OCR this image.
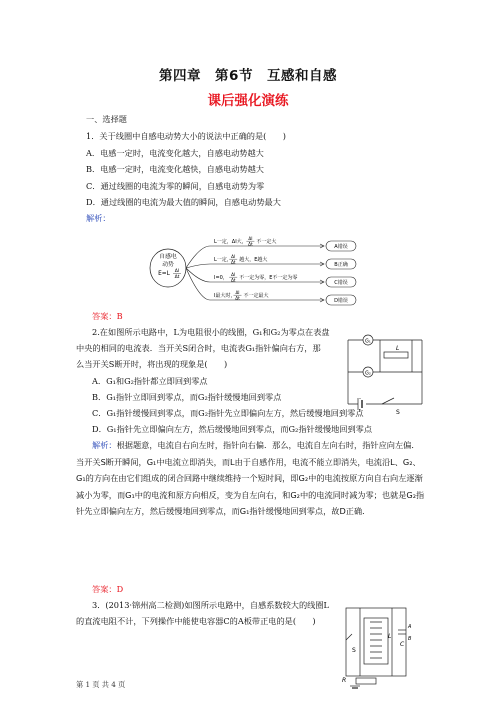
第四章　第6节　互感和自感
课后强化演练
一、选择题
1．关于线圈中自感电动势大小的说法中正确的是(　　)
A．电感一定时，电流变化越大，自感电动势越大
B．电感一定时，电流变化越快，自感电动势越大
C．通过线圈的电流为零的瞬间，自感电动势为零
D．通过线圈的电流为最大值的瞬间，自感电动势最大
解析：
自感电
动势
E=L ΔI
Δt
L一定，ΔI大，
ΔI
Δt 不一定大
A错误
L一定，
ΔI
Δt 越大，E越大
B正确
I=0，
ΔI
Δt 不一定为零，E不一定为零
C错误
I最大时，
ΔI
Δt 不一定最大
D错误
答案：B
2.在如图所示电路中，L为电阻很小的线圈，G₁和G₂为零点在表盘
中央的相同的电流表．当开关S闭合时，电流表G₁指针偏向右方，那
么当开关S断开时，将出现的现象是(　　)
G₁
G₂
L
S
A．G₁和G₂指针都立即回到零点
B．G₁指针立即回到零点，而G₂指针缓慢地回到零点
C．G₁指针缓慢回到零点，而G₂指针先立即偏向左方，然后缓慢地回到零点
D．G₁指针先立即偏向左方，然后缓慢地回到零点，而G₂指针缓慢地回到零点
解析：根据题意，电流自右向左时，指针向右偏．那么，电流自左向右时，指针应向左偏．当开关S断开瞬间，G₁中电流立即消失，而L由于自感作用，电流不能立即消失，电流沿L、G₂、G₁的方向在由它们组成的闭合回路中继续维持一个短时间，即G₂中的电流按原方向自右向左逐渐减小为零，而G₁中的电流和原方向相反，变为自左向右，和G₂中的电流同时减为零；也就是G₂指针先立即偏向左方，然后缓慢地回到零点，而G₁指针缓慢地回到零点，故D正确．
答案：D
3．(2013·锦州高二检测)如图所示电路中，自感系数较大的线圈L
的直流电阻不计，下列操作中能使电容器C的A板带正电的是(　　)
S
L
C
A
B
R
第 1 页 共 4 页
